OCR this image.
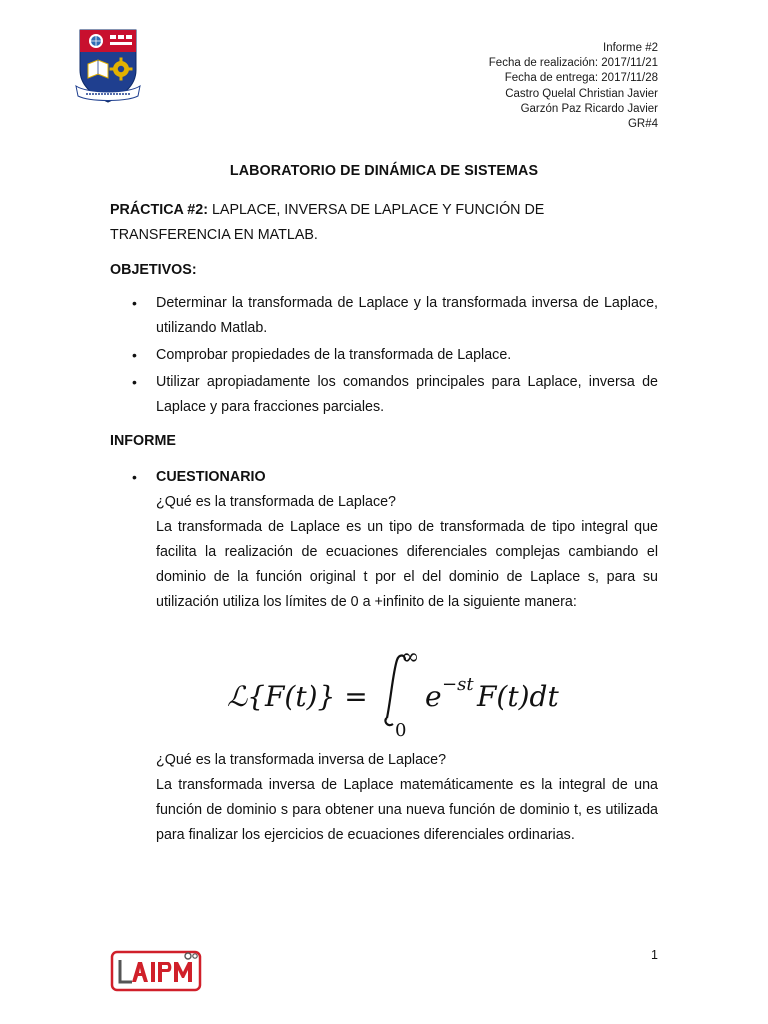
Informe #2
Fecha de realización: 2017/11/21
Fecha de entrega: 2017/11/28
Castro Quelal Christian Javier
Garzón Paz Ricardo Javier
GR#4
LABORATORIO DE DINÁMICA DE SISTEMAS
PRÁCTICA #2: LAPLACE, INVERSA DE LAPLACE Y FUNCIÓN DE TRANSFERENCIA EN MATLAB.
OBJETIVOS:
• Determinar la transformada de Laplace y la transformada inversa de Laplace, utilizando Matlab.
• Comprobar propiedades de la transformada de Laplace.
• Utilizar apropiadamente los comandos principales para Laplace, inversa de Laplace y para fracciones parciales.
INFORME
• CUESTIONARIO
¿Qué es la transformada de Laplace?
La transformada de Laplace es un tipo de transformada de tipo integral que facilita la realización de ecuaciones diferenciales complejas cambiando el dominio de la función original t por el del dominio de Laplace s, para su utilización utiliza los límites de 0 a +infinito de la siguiente manera:
ℒ{F(t)} =
∞
0
e −st F(t)dt
¿Qué es la transformada inversa de Laplace?
La transformada inversa de Laplace matemáticamente es la integral de una función de dominio s para obtener una nueva función de dominio t, es utilizada para finalizar los ejercicios de ecuaciones diferenciales ordinarias.
1
